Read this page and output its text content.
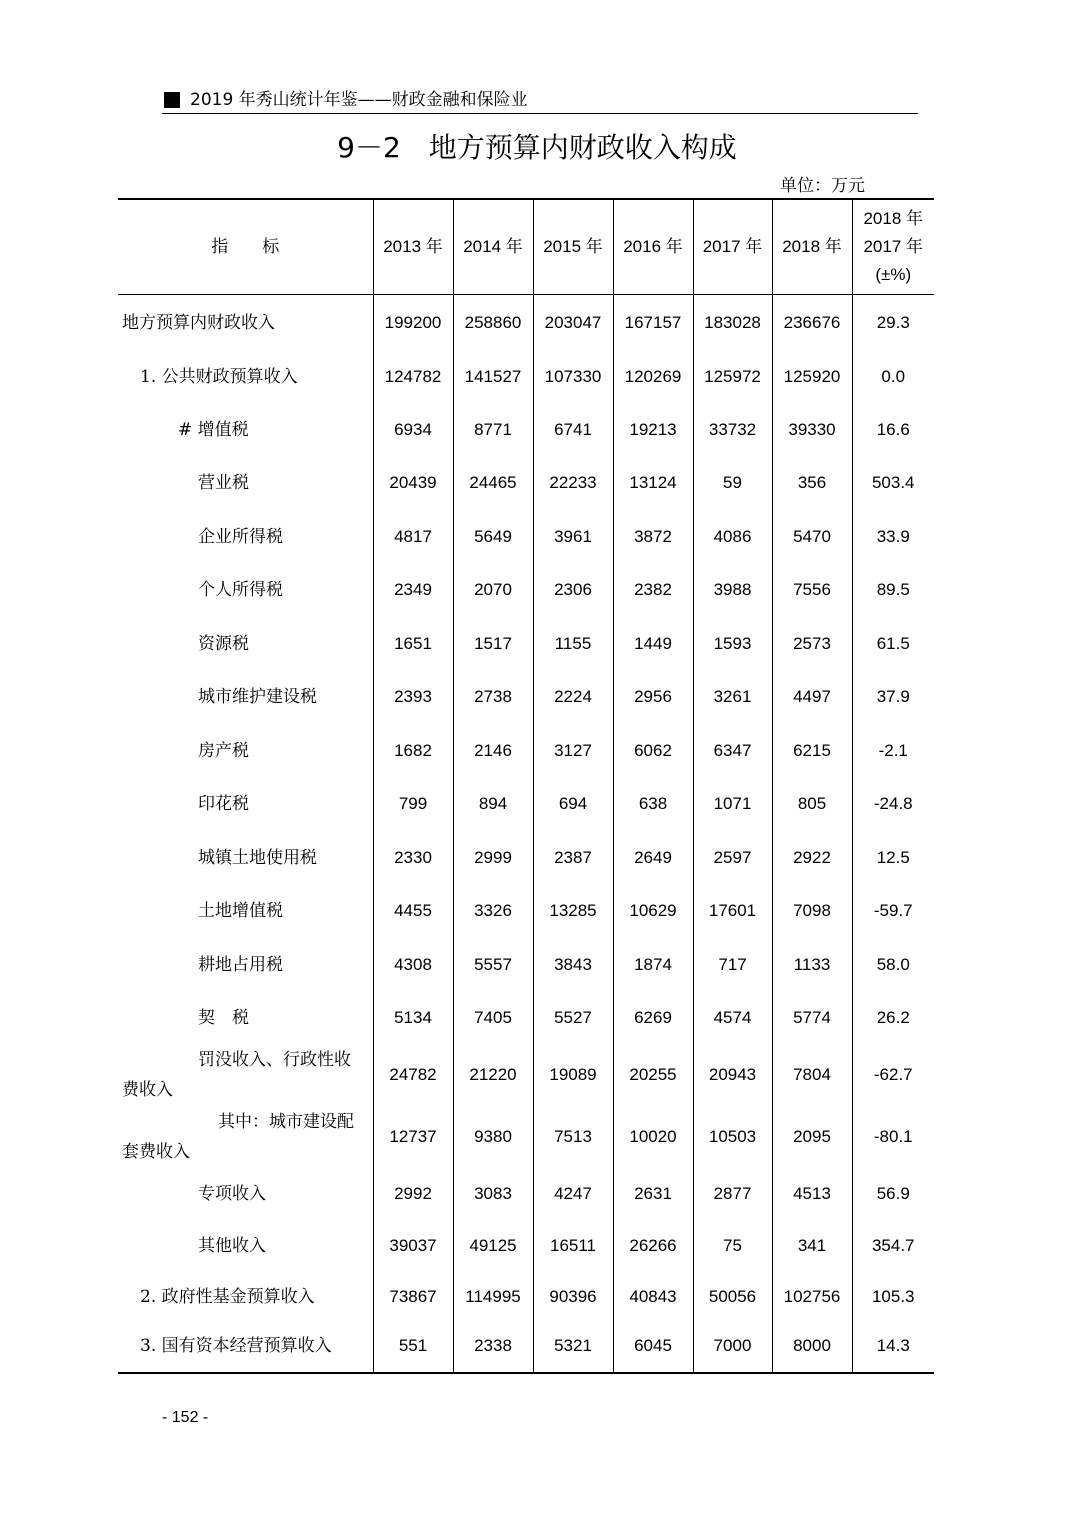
2019 年秀山统计年鉴——财政金融和保险业
9－2　地方预算内财政收入构成
单位：万元
指　　标	2013 年	2014 年	2015 年	2016 年	2017 年	2018 年	2018 年
2017 年
(±%)

地方预算内财政收入	199200	258860	203047	167157	183028	236676	29.3
1. 公共财政预算收入	124782	141527	107330	120269	125972	125920	0.0
# 增值税	6934	8771	6741	19213	33732	39330	16.6
营业税	20439	24465	22233	13124	59	356	503.4
企业所得税	4817	5649	3961	3872	4086	5470	33.9
个人所得税	2349	2070	2306	2382	3988	7556	89.5
资源税	1651	1517	1155	1449	1593	2573	61.5
城市维护建设税	2393	2738	2224	2956	3261	4497	37.9
房产税	1682	2146	3127	6062	6347	6215	-2.1
印花税	799	894	694	638	1071	805	-24.8
城镇土地使用税	2330	2999	2387	2649	2597	2922	12.5
土地增值税	4455	3326	13285	10629	17601	7098	-59.7
耕地占用税	4308	5557	3843	1874	717	1133	58.0
契　税	5134	7405	5527	6269	4574	5774	26.2

罚没收入、行政性收
费收入	24782	21220	19089	20255	20943	7804	-62.7

其中：城市建设配
套费收入	12737	9380	7513	10020	10503	2095	-80.1
专项收入	2992	3083	4247	2631	2877	4513	56.9
其他收入	39037	49125	16511	26266	75	341	354.7
2. 政府性基金预算收入	73867	114995	90396	40843	50056	102756	105.3
3. 国有资本经营预算收入	551	2338	5321	6045	7000	8000	14.3
- 152 -
